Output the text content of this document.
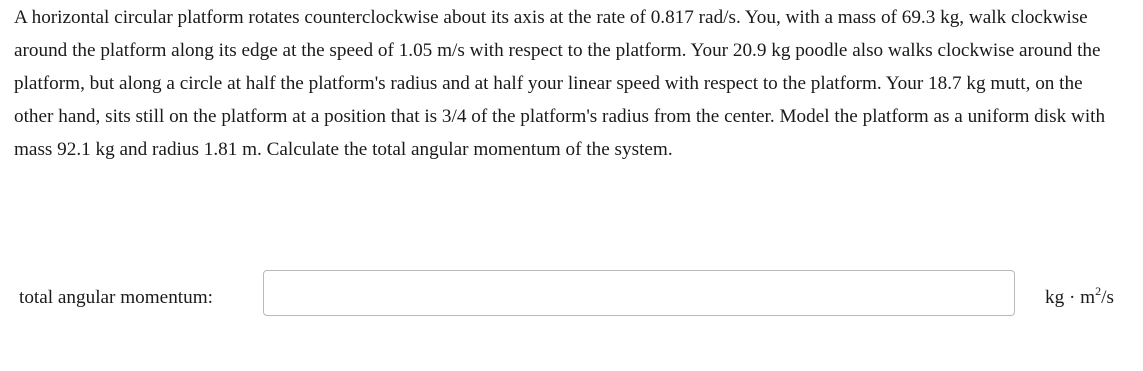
A horizontal circular platform rotates counterclockwise about its axis at the rate of 0.817 rad/s. You, with a mass of 69.3 kg, walk clockwise around the platform along its edge at the speed of 1.05 m/s with respect to the platform. Your 20.9 kg poodle also walks clockwise around the platform, but along a circle at half the platform's radius and at half your linear speed with respect to the platform. Your 18.7 kg mutt, on the other hand, sits still on the platform at a position that is 3/4 of the platform's radius from the center. Model the platform as a uniform disk with mass 92.1 kg and radius 1.81 m. Calculate the total angular momentum of the system.

total angular momentum:	kg · $m^2/s$
